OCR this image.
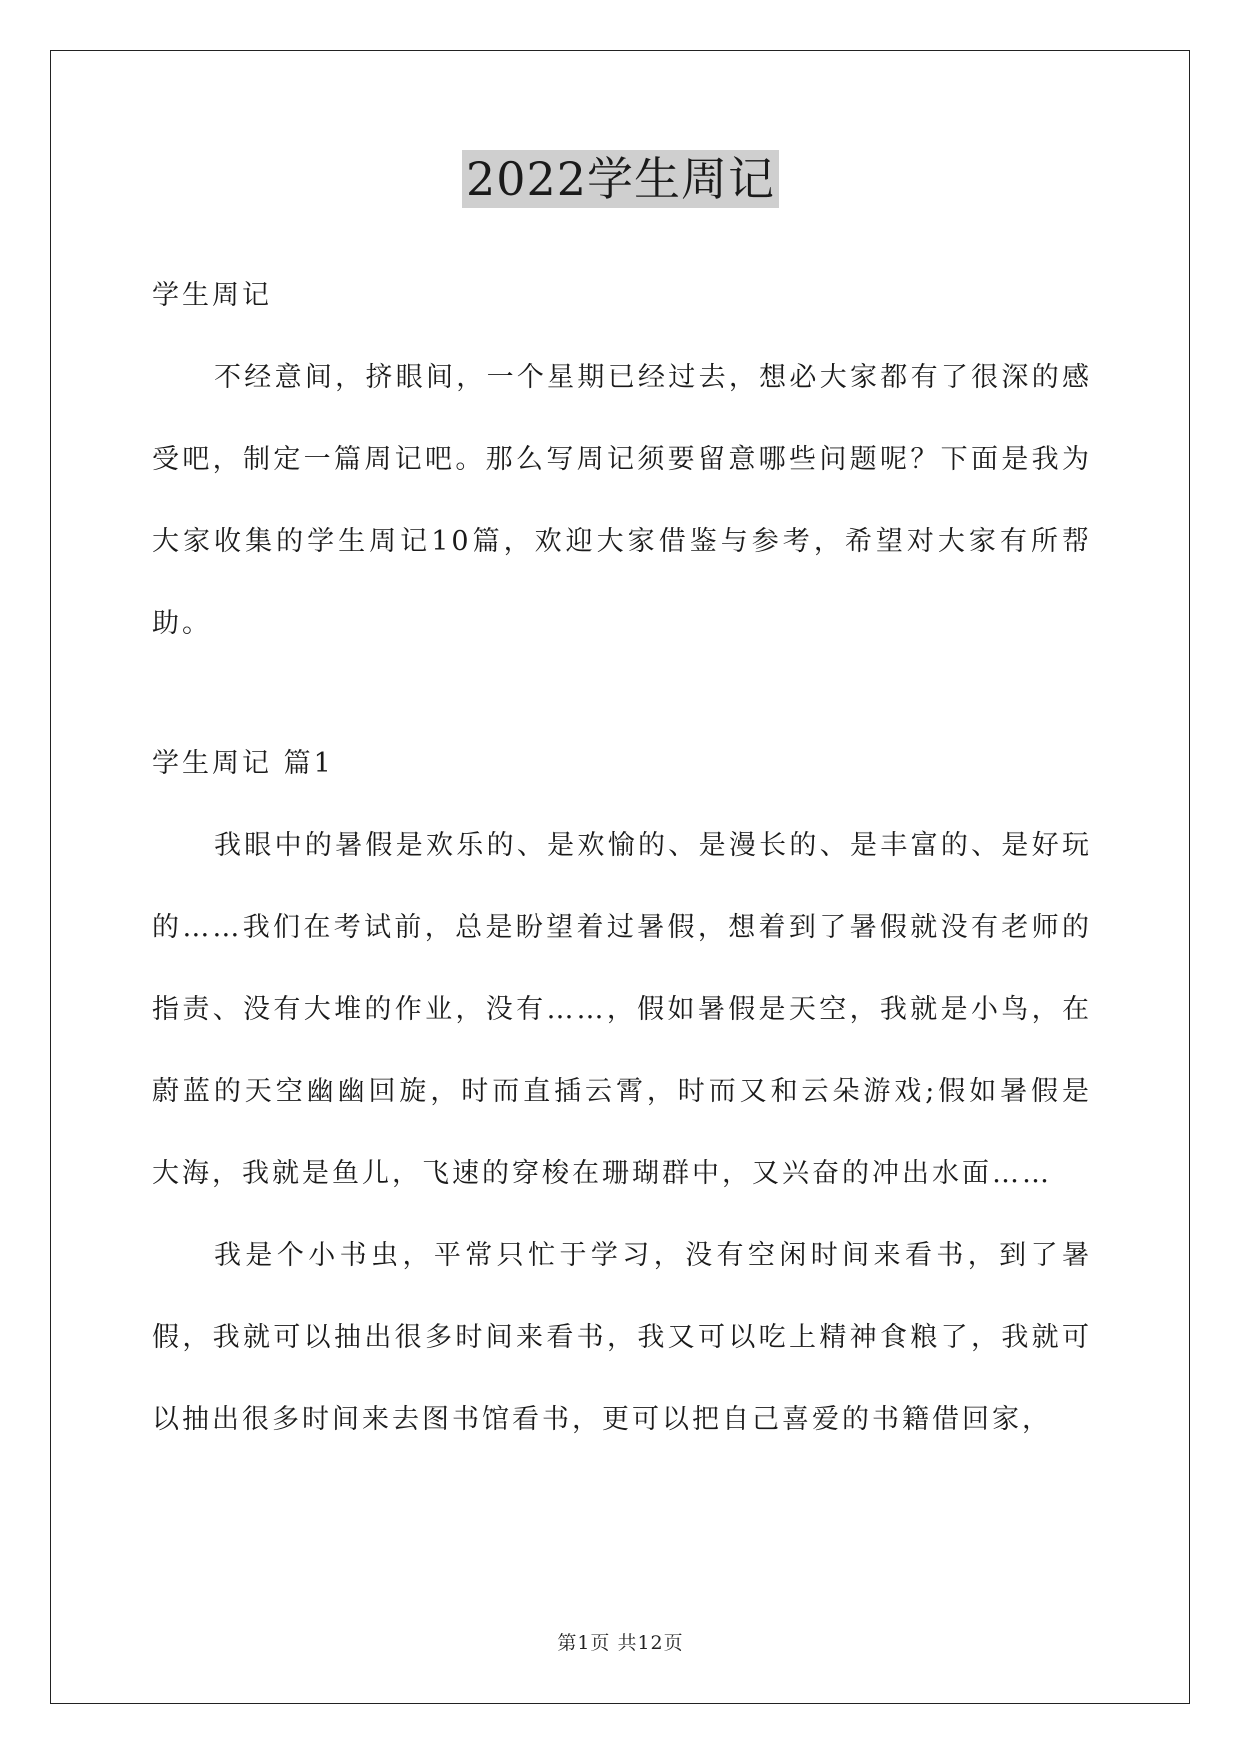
2022学生周记

学生周记

不经意间，挤眼间，一个星期已经过去，想必大家都有了很深的感受吧，制定一篇周记吧。那么写周记须要留意哪些问题呢？下面是我为大家收集的学生周记10篇，欢迎大家借鉴与参考，希望对大家有所帮助。

学生周记 篇1

我眼中的暑假是欢乐的、是欢愉的、是漫长的、是丰富的、是好玩的……我们在考试前，总是盼望着过暑假，想着到了暑假就没有老师的指责、没有大堆的作业，没有……，假如暑假是天空，我就是小鸟，在蔚蓝的天空幽幽回旋，时而直插云霄，时而又和云朵游戏;假如暑假是大海，我就是鱼儿，飞速的穿梭在珊瑚群中，又兴奋的冲出水面……

我是个小书虫，平常只忙于学习，没有空闲时间来看书，到了暑假，我就可以抽出很多时间来看书，我又可以吃上精神食粮了，我就可以抽出很多时间来去图书馆看书，更可以把自己喜爱的书籍借回家，

第1页 共12页
